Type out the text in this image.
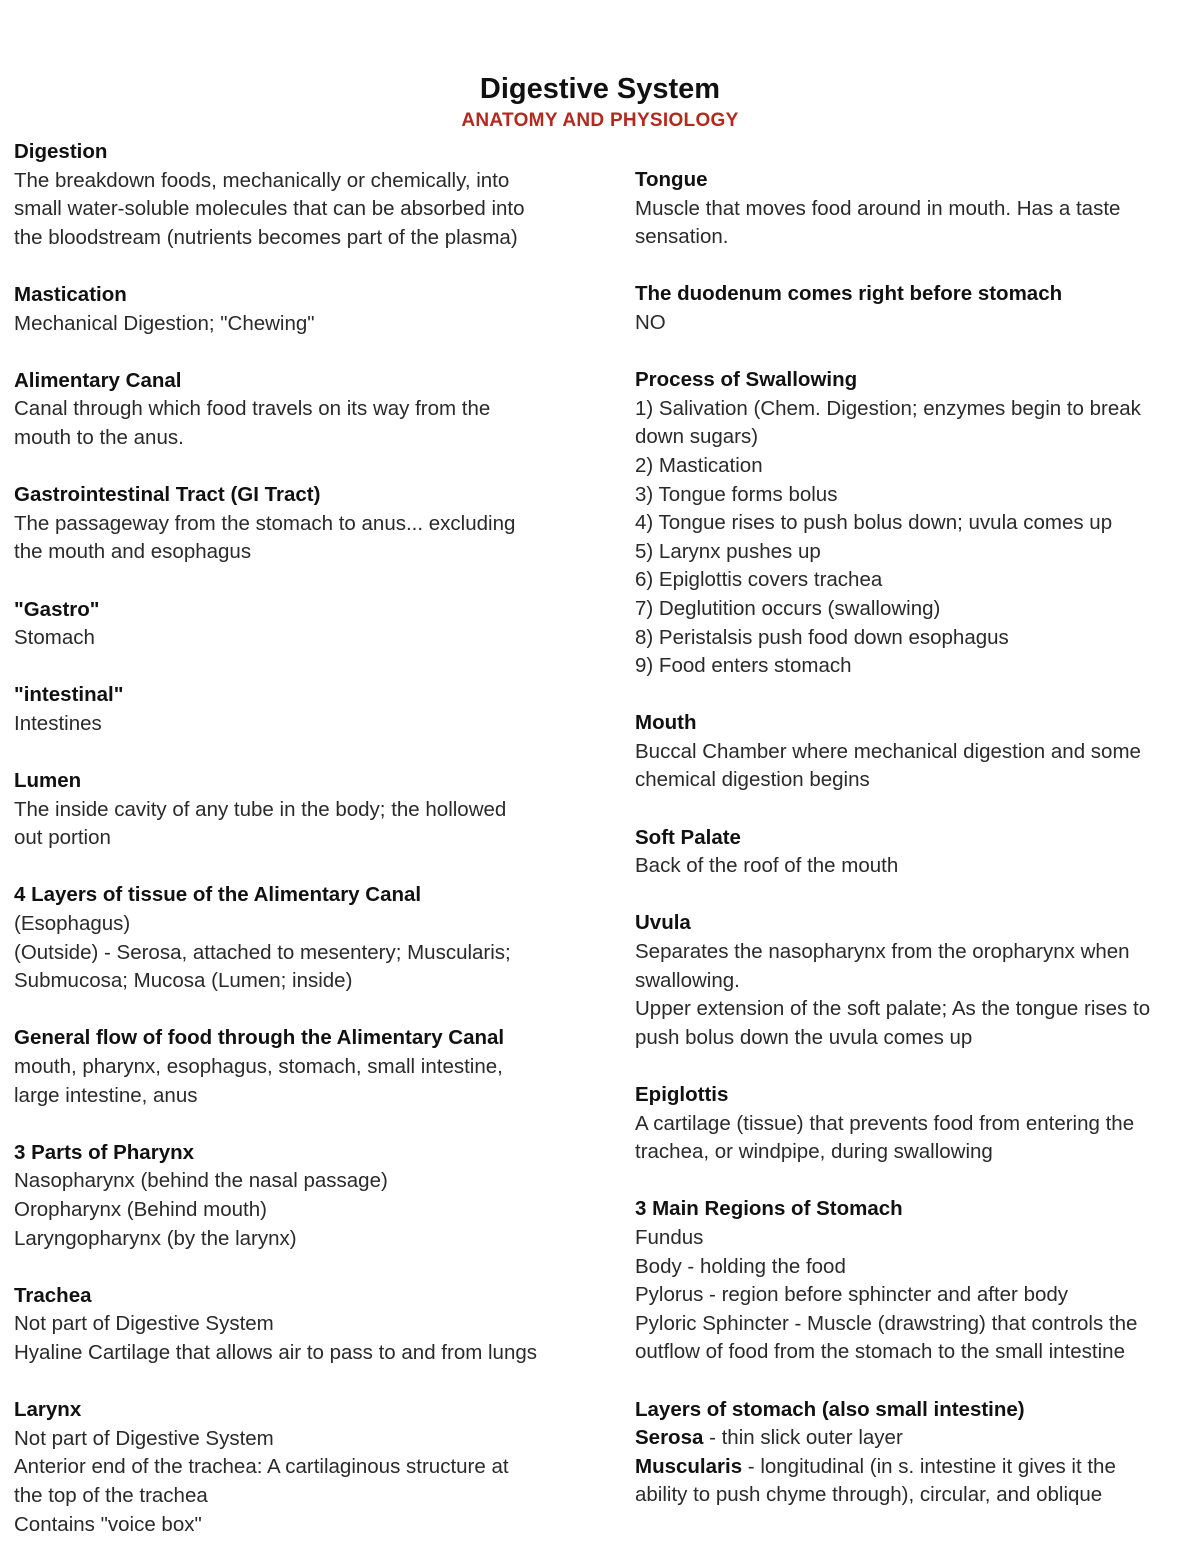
Digestive System
ANATOMY AND PHYSIOLOGY
Digestion
The breakdown foods, mechanically or chemically, into
small water-soluble molecules that can be absorbed into
the bloodstream (nutrients becomes part of the plasma)
Mastication
Mechanical Digestion; "Chewing"
Alimentary Canal
Canal through which food travels on its way from the
mouth to the anus.
Gastrointestinal Tract (GI Tract)
The passageway from the stomach to anus... excluding
the mouth and esophagus
"Gastro"
Stomach
"intestinal"
Intestines
Lumen
The inside cavity of any tube in the body; the hollowed
out portion
4 Layers of tissue of the Alimentary Canal
(Esophagus)
(Outside) - Serosa, attached to mesentery; Muscularis;
Submucosa; Mucosa (Lumen; inside)
General flow of food through the Alimentary Canal
mouth, pharynx, esophagus, stomach, small intestine,
large intestine, anus
3 Parts of Pharynx
Nasopharynx (behind the nasal passage)
Oropharynx (Behind mouth)
Laryngopharynx (by the larynx)
Trachea
Not part of Digestive System
Hyaline Cartilage that allows air to pass to and from lungs
Larynx
Not part of Digestive System
Anterior end of the trachea: A cartilaginous structure at
the top of the trachea
Contains "voice box"
Tongue
Muscle that moves food around in mouth. Has a taste
sensation.
The duodenum comes right before stomach
NO
Process of Swallowing
1) Salivation (Chem. Digestion; enzymes begin to break
down sugars)
2) Mastication
3) Tongue forms bolus
4) Tongue rises to push bolus down; uvula comes up
5) Larynx pushes up
6) Epiglottis covers trachea
7) Deglutition occurs (swallowing)
8) Peristalsis push food down esophagus
9) Food enters stomach
Mouth
Buccal Chamber where mechanical digestion and some
chemical digestion begins
Soft Palate
Back of the roof of the mouth
Uvula
Separates the nasopharynx from the oropharynx when
swallowing.
Upper extension of the soft palate; As the tongue rises to
push bolus down the uvula comes up
Epiglottis
A cartilage (tissue) that prevents food from entering the
trachea, or windpipe, during swallowing
3 Main Regions of Stomach
Fundus
Body - holding the food
Pylorus - region before sphincter and after body
Pyloric Sphincter - Muscle (drawstring) that controls the
outflow of food from the stomach to the small intestine
Layers of stomach (also small intestine)
Serosa - thin slick outer layer
Muscularis - longitudinal (in s. intestine it gives it the
ability to push chyme through), circular, and oblique
